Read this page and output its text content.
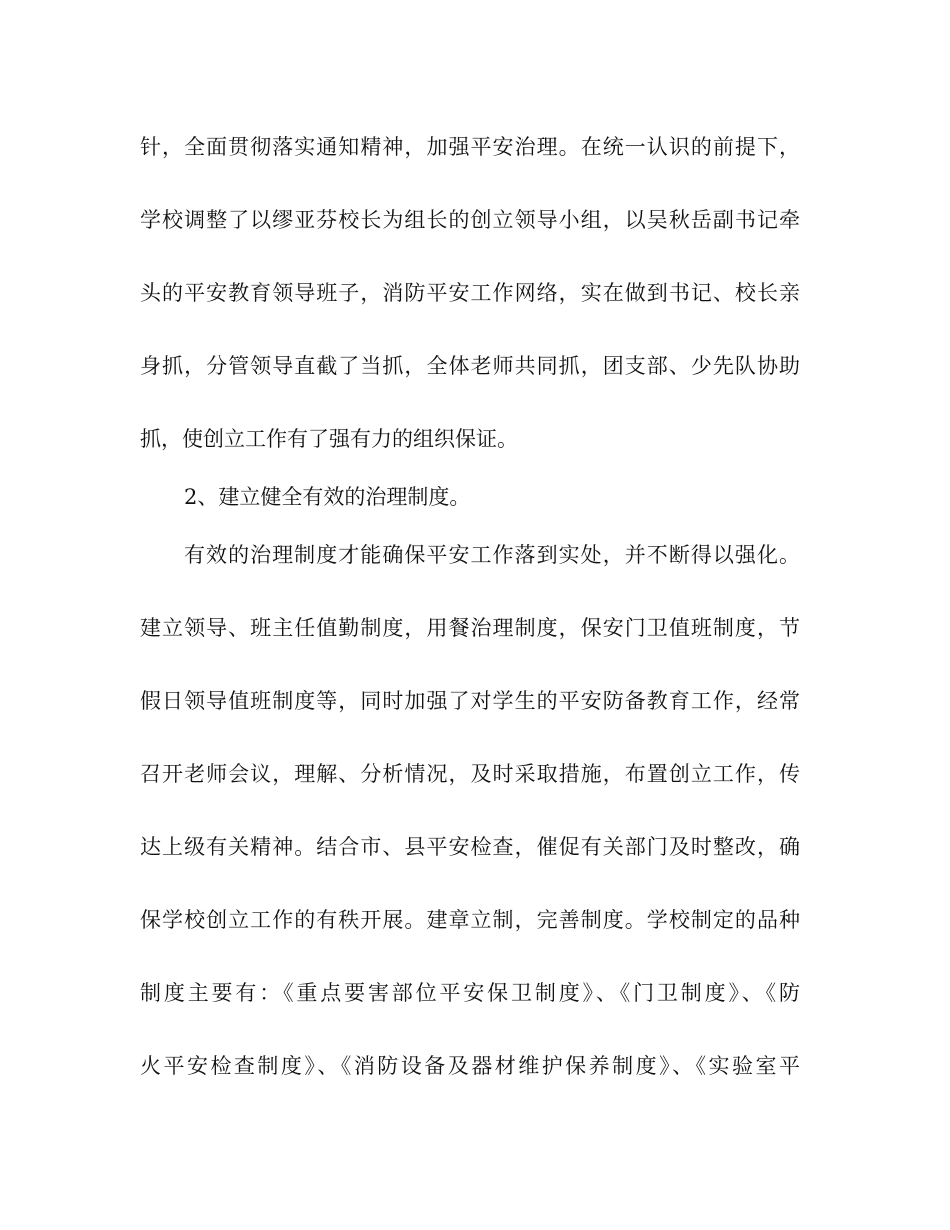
针，全面贯彻落实通知精神，加强平安治理。在统一认识的前提下，
学校调整了以缪亚芬校长为组长的创立领导小组，以吴秋岳副书记牵
头的平安教育领导班子，消防平安工作网络，实在做到书记、校长亲
身抓，分管领导直截了当抓，全体老师共同抓，团支部、少先队协助
抓，使创立工作有了强有力的组织保证。
2、建立健全有效的治理制度。
有效的治理制度才能确保平安工作落到实处，并不断得以强化。
建立领导、班主任值勤制度，用餐治理制度，保安门卫值班制度，节
假日领导值班制度等，同时加强了对学生的平安防备教育工作，经常
召开老师会议，理解、分析情况，及时采取措施，布置创立工作，传
达上级有关精神。结合市、县平安检查，催促有关部门及时整改，确
保学校创立工作的有秩开展。建章立制，完善制度。学校制定的品种
制度主要有：《重点要害部位平安保卫制度》、《门卫制度》、《防
火平安检查制度》、《消防设备及器材维护保养制度》、《实验室平
